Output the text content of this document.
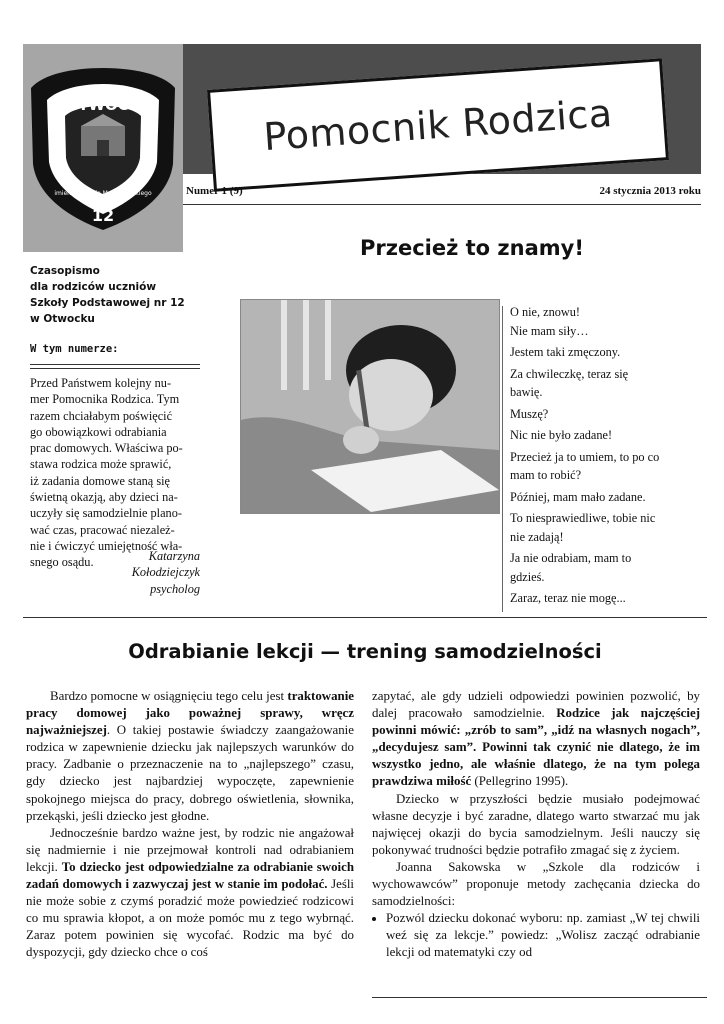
OTWOCK
12
imienia Kornela Makuszyńskiego
Pomocnik Rodzica
Numer 1 (9)	24 stycznia 2013 roku
Czasopismo
dla rodziców uczniów
Szkoły Podstawowej nr 12
w Otwocku
W tym numerze:
Przed Państwem kolejny nu-
mer Pomocnika Rodzica. Tym
razem chciałabym poświęcić
go obowiązkowi odrabiania
prac domowych. Właściwa po-
stawa rodzica może sprawić,
iż zadania domowe staną się
świetną okazją, aby dzieci na-
uczyły się samodzielnie plano-
wać czas, pracować niezależ-
nie i ćwiczyć umiejętność wła-
snego osądu.	Katarzyna
Kołodziejczyk
psycholog
Przecież to znamy!

O nie, znowu!
Nie mam siły…

Jestem taki zmęczony.

Za chwileczkę, teraz się
bawię.

Muszę?

Nic nie było zadane!

Przecież ja to umiem, to po co
mam to robić?

Później, mam mało zadane.

To niesprawiedliwe, tobie nic
nie zadają!

Ja nie odrabiam, mam to
gdzieś.

Zaraz, teraz nie mogę...

Odrabianie lekcji — trening samodzielności

Bardzo pomocne w osiągnięciu tego celu jest traktowanie pracy domowej jako poważnej sprawy, wręcz najważniejszej. O takiej postawie świadczy zaangażowanie rodzica w zapewnienie dziecku jak najlepszych warunków do pracy. Zadbanie o przeznaczenie na to „najlepszego” czasu, gdy dziecko jest najbardziej wypoczęte, zapewnienie spokojnego miejsca do pracy, dobrego oświetlenia, słownika, przekąski, jeśli dziecko jest głodne.

Jednocześnie bardzo ważne jest, by rodzic nie angażował się nadmiernie i nie przejmował kontroli nad odrabianiem lekcji. To dziecko jest odpowiedzialne za odrabianie swoich zadań domowych i zazwyczaj jest w stanie im podołać. Jeśli nie może sobie z czymś poradzić może powiedzieć rodzicowi co mu sprawia kłopot, a on może pomóc mu z tego wybrnąć. Zaraz potem powinien się wycofać. Rodzic ma być do dyspozycji, gdy dziecko chce o coś

zapytać, ale gdy udzieli odpowiedzi powinien pozwolić, by dalej pracowało samodzielnie. Rodzice jak najczęściej powinni mówić: „zrób to sam”, „idź na własnych nogach”, „decydujesz sam”. Powinni tak czynić nie dlatego, że im wszystko jedno, ale właśnie dlatego, że na tym polega prawdziwa miłość (Pellegrino 1995).

Dziecko w przyszłości będzie musiało podejmować własne decyzje i być zaradne, dlatego warto stwarzać mu jak najwięcej okazji do bycia samodzielnym. Jeśli nauczy się pokonywać trudności będzie potrafiło zmagać się z życiem.

Joanna Sakowska w „Szkole dla rodziców i wychowawców” proponuje metody zachęcania dziecka do samodzielności:

• Pozwól dziecku dokonać wyboru: np. zamiast „W tej chwili weź się za lekcje.” powiedz: „Wolisz zacząć odrabianie lekcji od matematyki czy od
